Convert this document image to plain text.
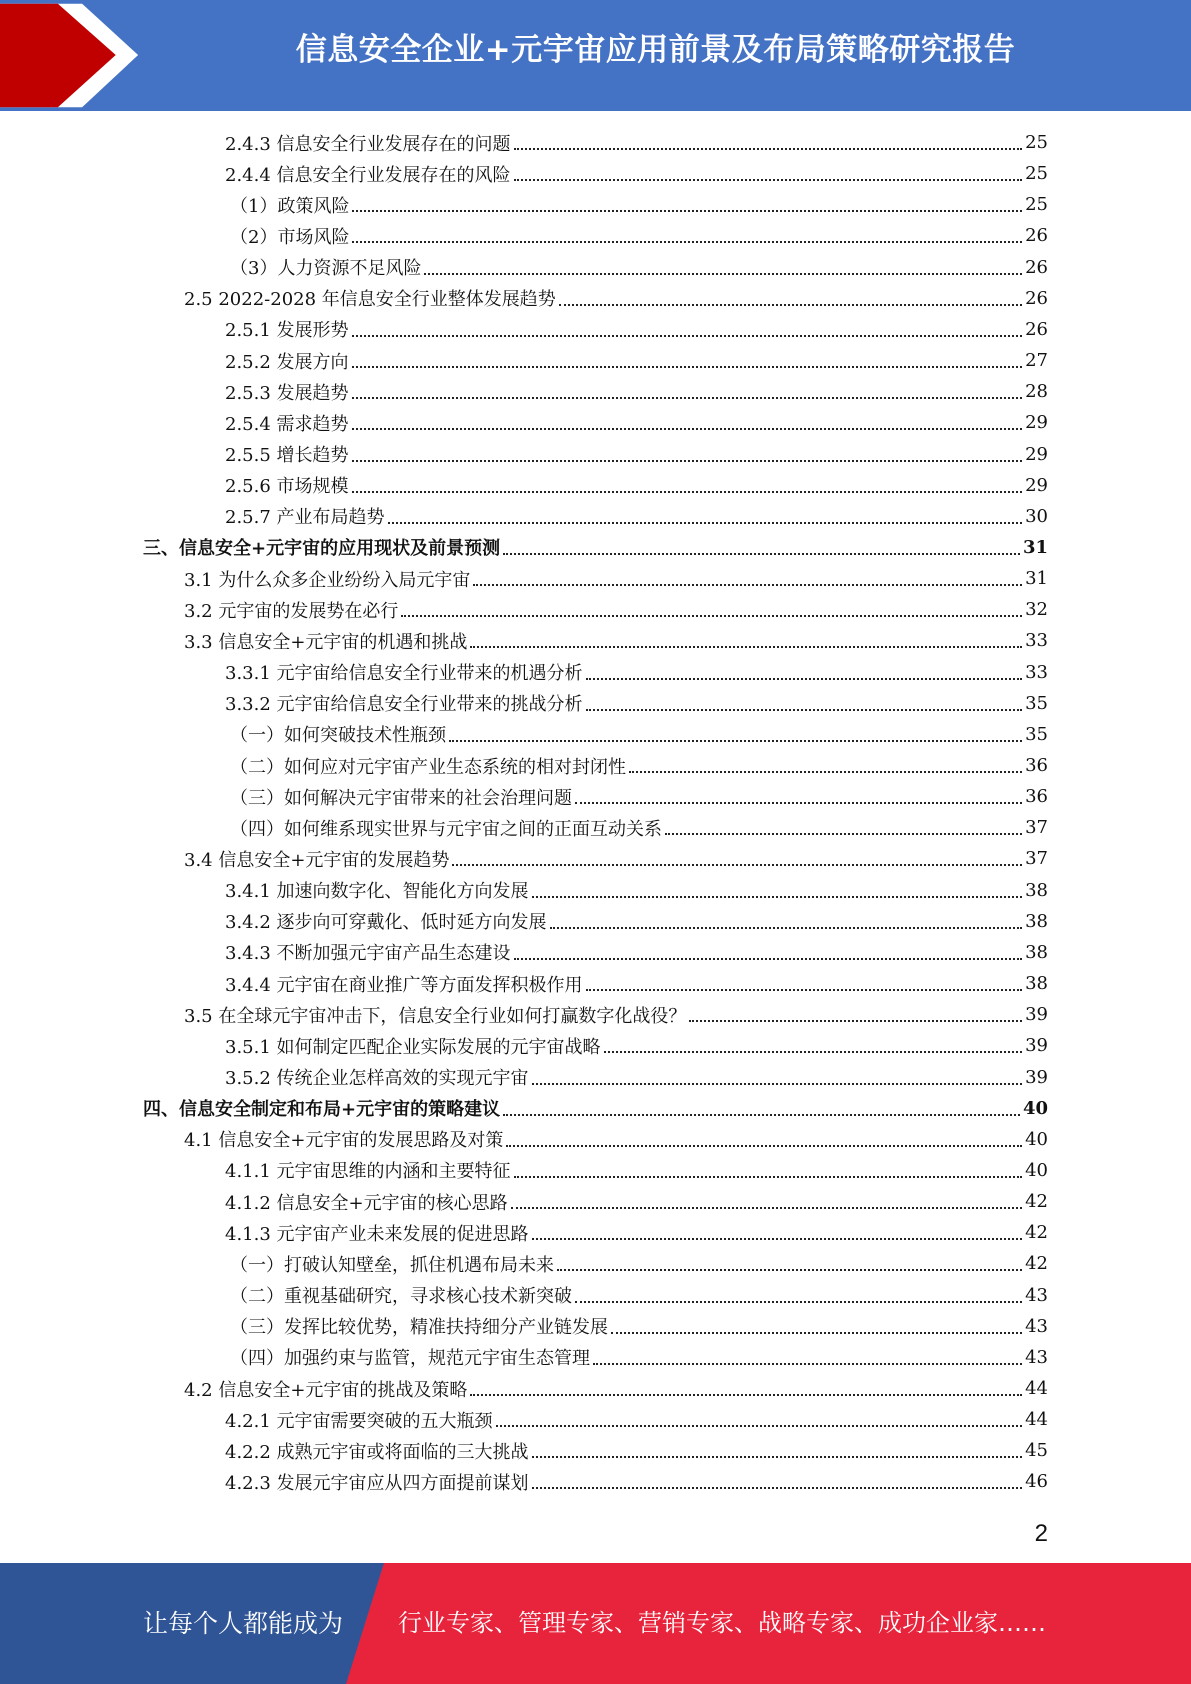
信息安全企业+元宇宙应用前景及布局策略研究报告
2.4.3 信息安全行业发展存在的问题	25
2.4.4 信息安全行业发展存在的风险	25
（1）政策风险	25
（2）市场风险	26
（3）人力资源不足风险	26
2.5 2022-2028 年信息安全行业整体发展趋势	26
2.5.1 发展形势	26
2.5.2 发展方向	27
2.5.3 发展趋势	28
2.5.4 需求趋势	29
2.5.5 增长趋势	29
2.5.6 市场规模	29
2.5.7 产业布局趋势	30
三、信息安全+元宇宙的应用现状及前景预测	31
3.1 为什么众多企业纷纷入局元宇宙	31
3.2 元宇宙的发展势在必行	32
3.3 信息安全+元宇宙的机遇和挑战	33
3.3.1 元宇宙给信息安全行业带来的机遇分析	33
3.3.2 元宇宙给信息安全行业带来的挑战分析	35
（一）如何突破技术性瓶颈	35
（二）如何应对元宇宙产业生态系统的相对封闭性	36
（三）如何解决元宇宙带来的社会治理问题	36
（四）如何维系现实世界与元宇宙之间的正面互动关系	37
3.4 信息安全+元宇宙的发展趋势	37
3.4.1 加速向数字化、智能化方向发展	38
3.4.2 逐步向可穿戴化、低时延方向发展	38
3.4.3 不断加强元宇宙产品生态建设	38
3.4.4 元宇宙在商业推广等方面发挥积极作用	38
3.5 在全球元宇宙冲击下，信息安全行业如何打赢数字化战役？	39
3.5.1 如何制定匹配企业实际发展的元宇宙战略	39
3.5.2 传统企业怎样高效的实现元宇宙	39
四、信息安全制定和布局+元宇宙的策略建议	40
4.1 信息安全+元宇宙的发展思路及对策	40
4.1.1 元宇宙思维的内涵和主要特征	40
4.1.2 信息安全+元宇宙的核心思路	42
4.1.3 元宇宙产业未来发展的促进思路	42
（一）打破认知壁垒，抓住机遇布局未来	42
（二）重视基础研究，寻求核心技术新突破	43
（三）发挥比较优势，精准扶持细分产业链发展	43
（四）加强约束与监管，规范元宇宙生态管理	43
4.2 信息安全+元宇宙的挑战及策略	44
4.2.1 元宇宙需要突破的五大瓶颈	44
4.2.2 成熟元宇宙或将面临的三大挑战	45
4.2.3 发展元宇宙应从四方面提前谋划	46
2
让每个人都能成为 行业专家、管理专家、营销专家、战略专家、成功企业家……
